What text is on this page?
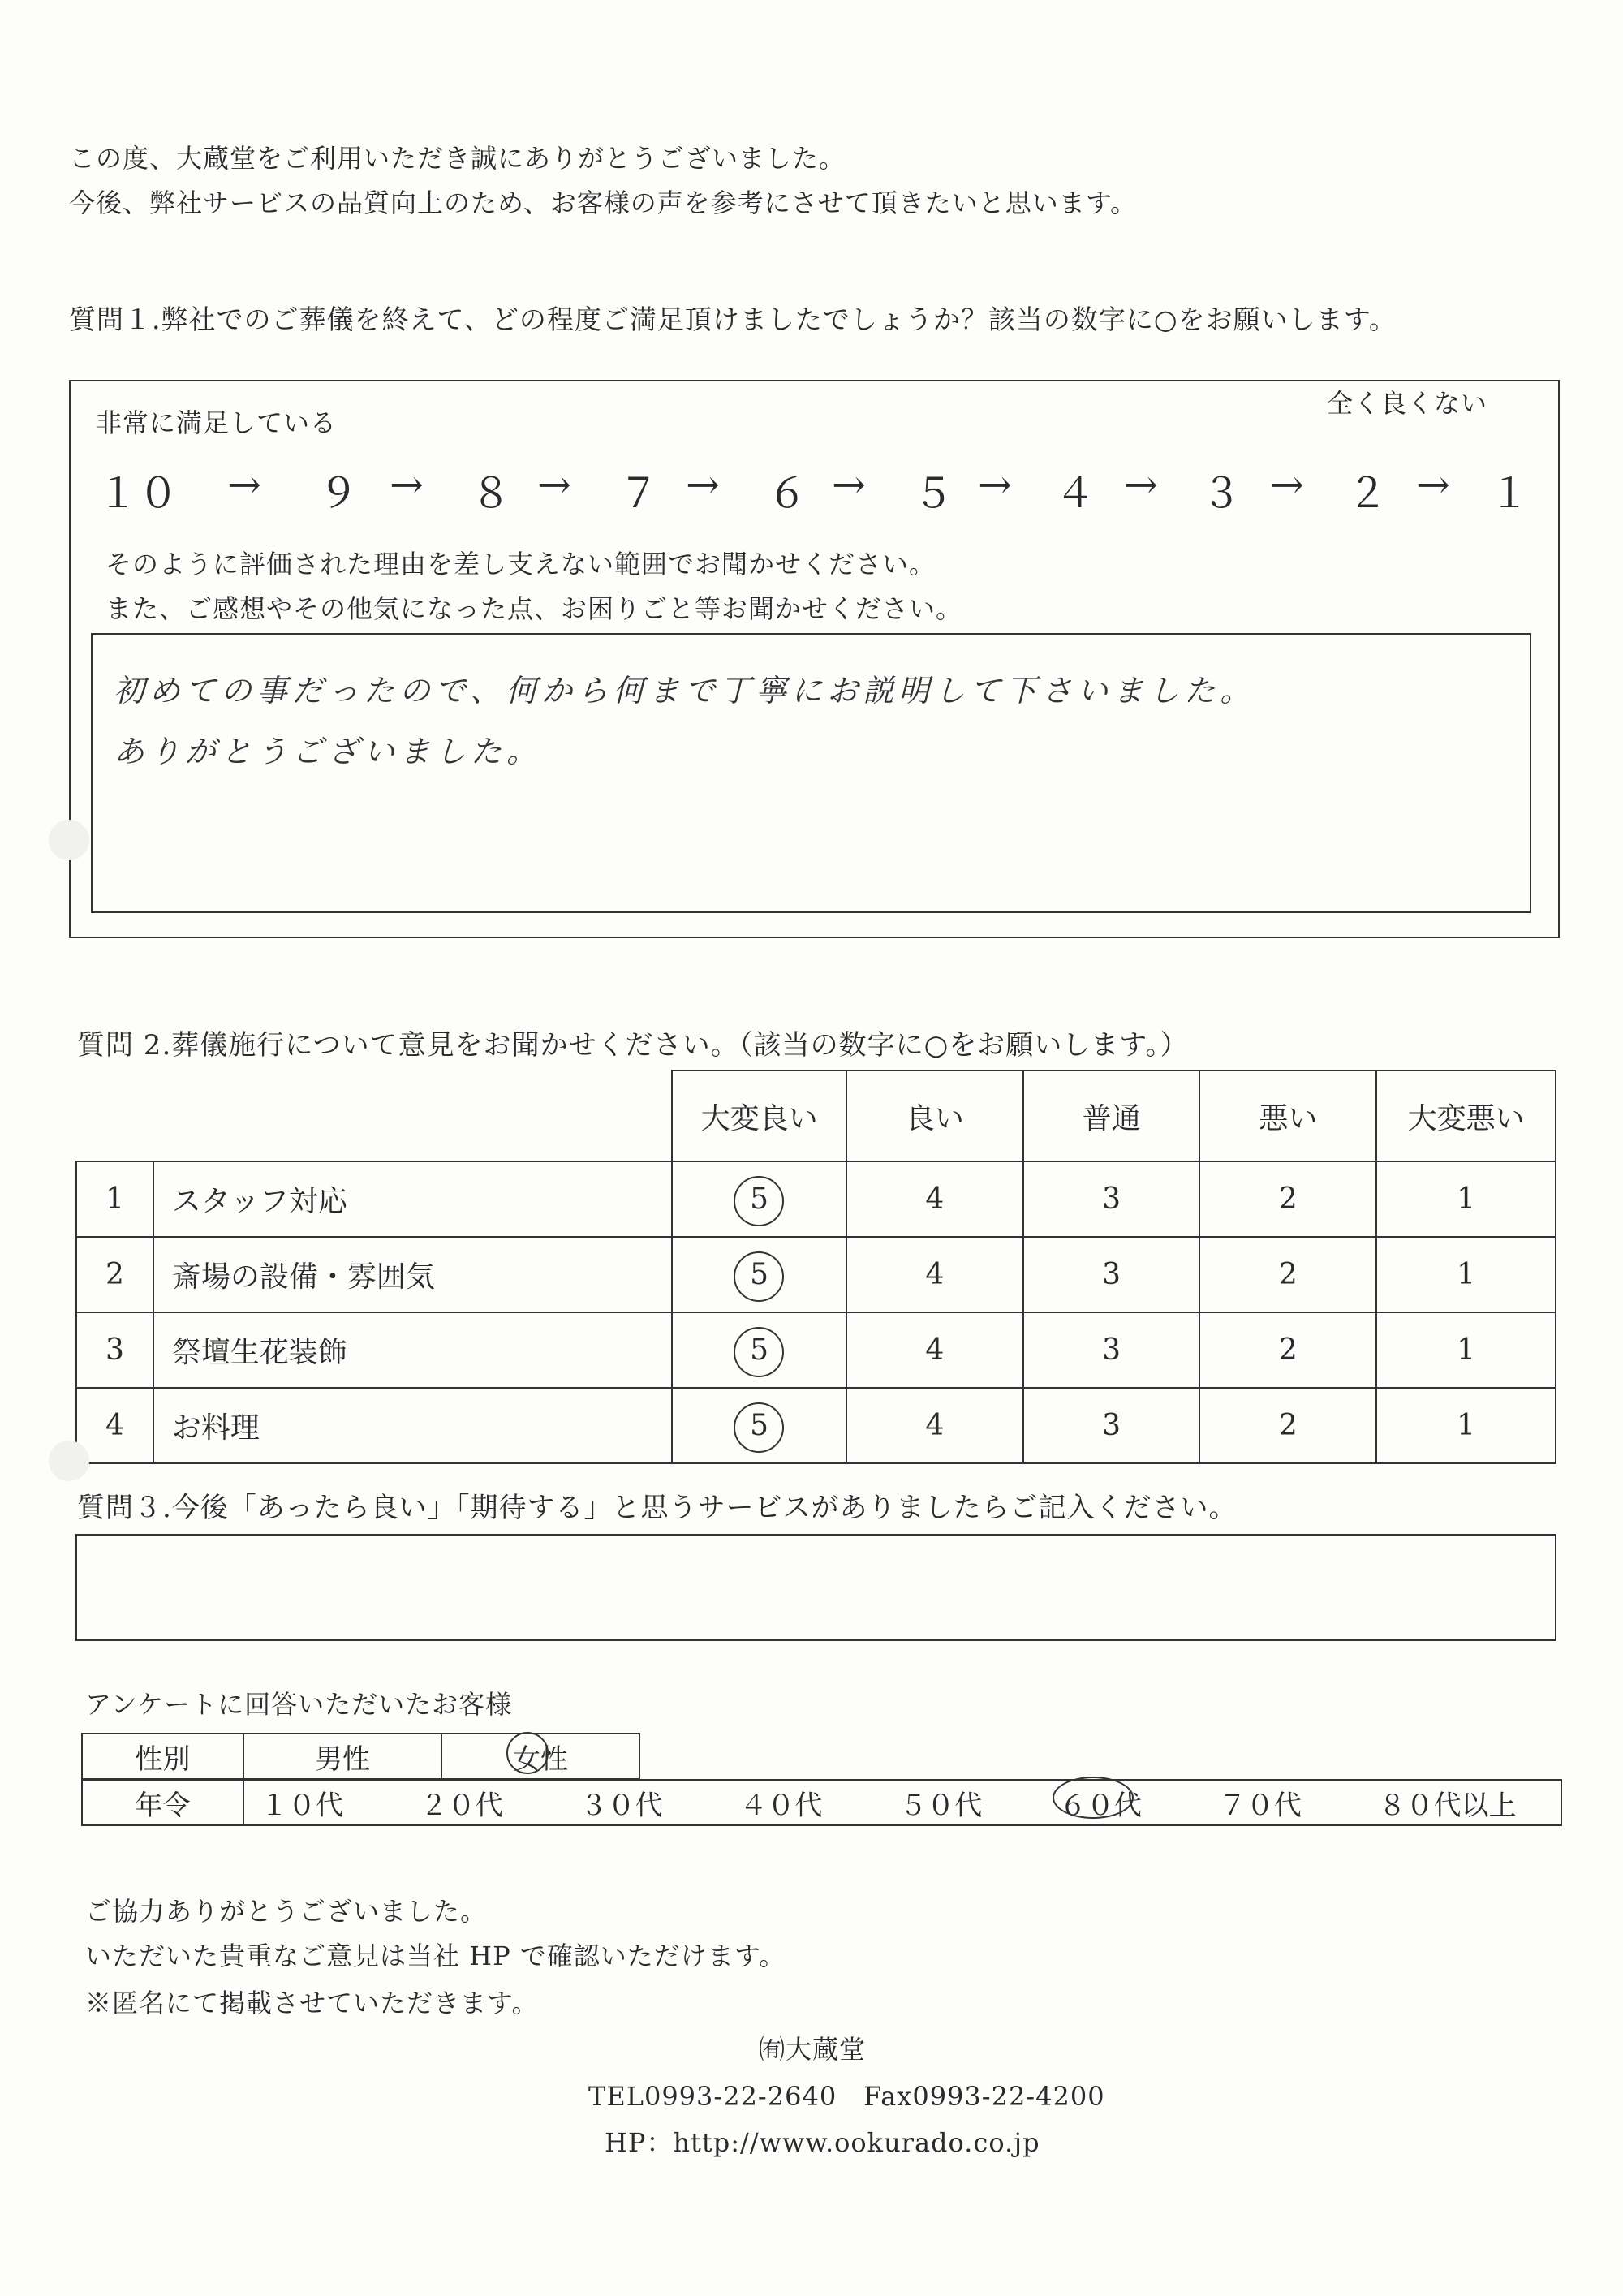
この度、大蔵堂をご利用いただき誠にありがとうございました。
今後、弊社サービスの品質向上のため、お客様の声を参考にさせて頂きたいと思います。
質問１.弊社でのご葬儀を終えて、どの程度ご満足頂けましたでしょうか？該当の数字に○をお願いします。
非常に満足している
全く良くない
１０ → ９ → ８ → ７ → ６ → ５ → ４ → ３ → ２ → １
そのように評価された理由を差し支えない範囲でお聞かせください。
また、ご感想やその他気になった点、お困りごと等お聞かせください。
初めての事だったので、何から何まで丁寧にお説明して下さいました。
ありがとうございました。
質問 2.葬儀施行について意見をお聞かせください。（該当の数字に○をお願いします。）
		大変良い	良い	普通	悪い	大変悪い
1	スタッフ対応	5	4	3	2	1
2	斎場の設備・雰囲気	5	4	3	2	1
3	祭壇生花装飾	5	4	3	2	1
4	お料理	5	4	3	2	1
質問３.今後「あったら良い」「期待する」と思うサービスがありましたらご記入ください。
アンケートに回答いただいたお客様
性別	男性	女性
年令	１０代	２０代	３０代	４０代	５０代	６０代	７０代	８０代以上
ご協力ありがとうございました。
いただいた貴重なご意見は当社 HP で確認いただけます。
※匿名にて掲載させていただきます。
㈲大蔵堂
TEL0993-22-2640　Fax0993-22-4200
HP：http://www.ookurado.co.jp
